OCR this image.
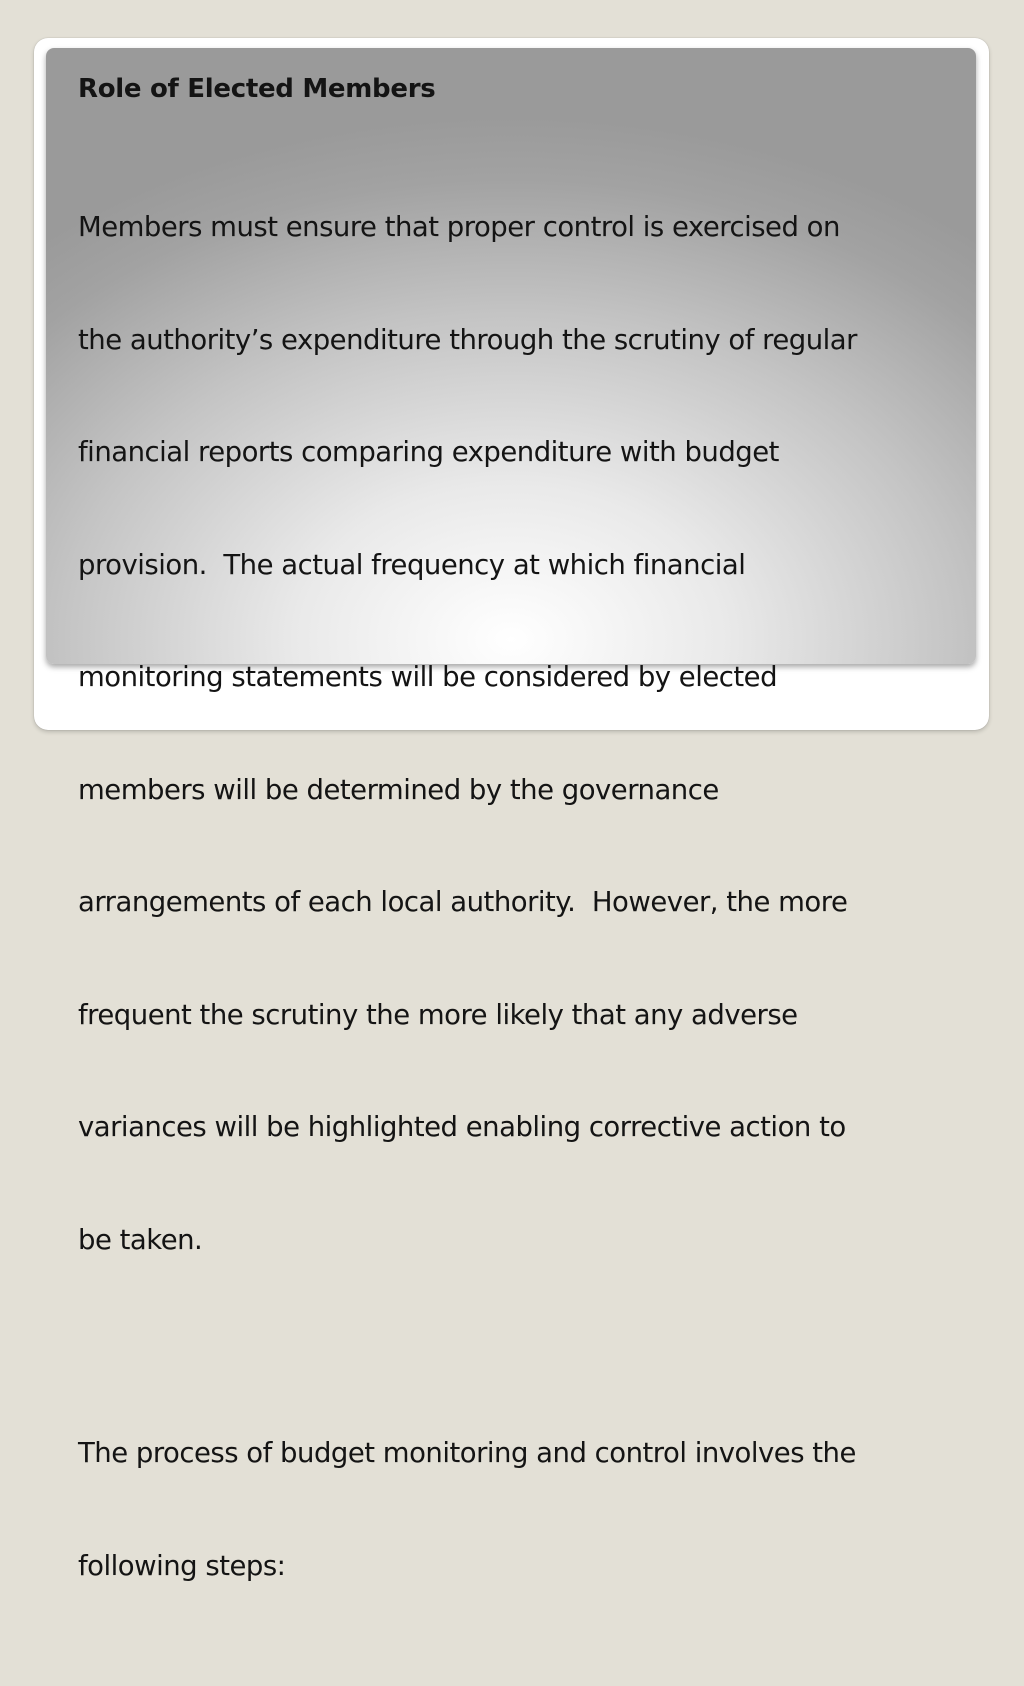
Role of Elected Members

Members must ensure that proper control is exercised on

the authority’s expenditure through the scrutiny of regular

financial reports comparing expenditure with budget

provision.  The actual frequency at which financial

monitoring statements will be considered by elected

members will be determined by the governance

arrangements of each local authority.  However, the more

frequent the scrutiny the more likely that any adverse

variances will be highlighted enabling corrective action to

be taken.

The process of budget monitoring and control involves the

following steps:
